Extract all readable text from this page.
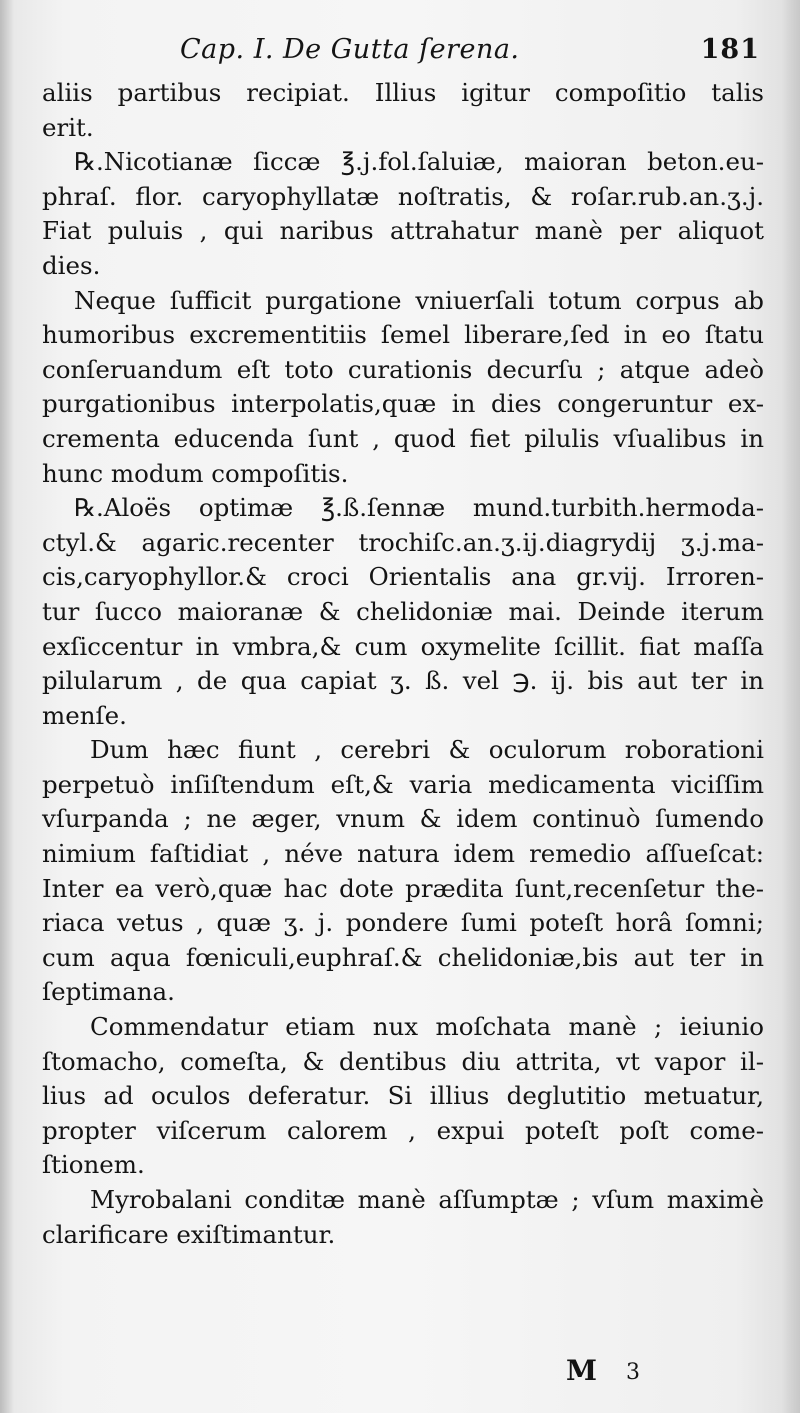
Cap. I. De Gutta ſerena.	181
aliis partibus recipiat. Illius igitur compoſitio talis
erit.
℞.Nicotianæ ſiccæ ℥.j.fol.ſaluiæ, maioran beton.eu-
phraſ. flor. caryophyllatæ noſtratis, & roſar.rub.an.ʒ.j.
Fiat puluis , qui naribus attrahatur manè per aliquot
dies.
Neque ſufficit purgatione vniuerſali totum corpus ab
humoribus excrementitiis ſemel liberare,ſed in eo ſtatu
conſeruandum eſt toto curationis decurſu ; atque adeò
purgationibus interpolatis,quæ in dies congeruntur ex-
crementa educenda ſunt , quod fiet pilulis vſualibus in
hunc modum compoſitis.
℞.Aloës optimæ ℥.ß.ſennæ mund.turbith.hermoda-
ctyl.& agaric.recenter trochiſc.an.ʒ.ij.diagrydij ʒ.j.ma-
cis,caryophyllor.& croci Orientalis ana gr.vij. Irroren-
tur ſucco maioranæ & chelidoniæ mai. Deinde iterum
exſiccentur in vmbra,& cum oxymelite ſcillit. fiat maſſa
pilularum , de qua capiat ʒ. ß. vel ℈. ij. bis aut ter in
menſe.
Dum hæc fiunt , cerebri & oculorum roborationi
perpetuò inſiſtendum eſt,& varia medicamenta viciſſim
vſurpanda ; ne æger, vnum & idem continuò ſumendo
nimium faſtidiat , néve natura idem remedio aſſueſcat:
Inter ea verò,quæ hac dote prædita ſunt,recenſetur the-
riaca vetus , quæ ʒ. j. pondere ſumi poteſt horâ ſomni;
cum aqua fœniculi,euphraſ.& chelidoniæ,bis aut ter in
ſeptimana.
Commendatur etiam nux moſchata manè ; ieiunio
ſtomacho, comeſta, & dentibus diu attrita, vt vapor il-
lius ad oculos deferatur. Si illius deglutitio metuatur,
propter viſcerum calorem , expui poteſt poſt come-
ſtionem.
Myrobalani conditæ manè aſſumptæ ; vſum maximè
clarificare exiſtimantur.
M 3
